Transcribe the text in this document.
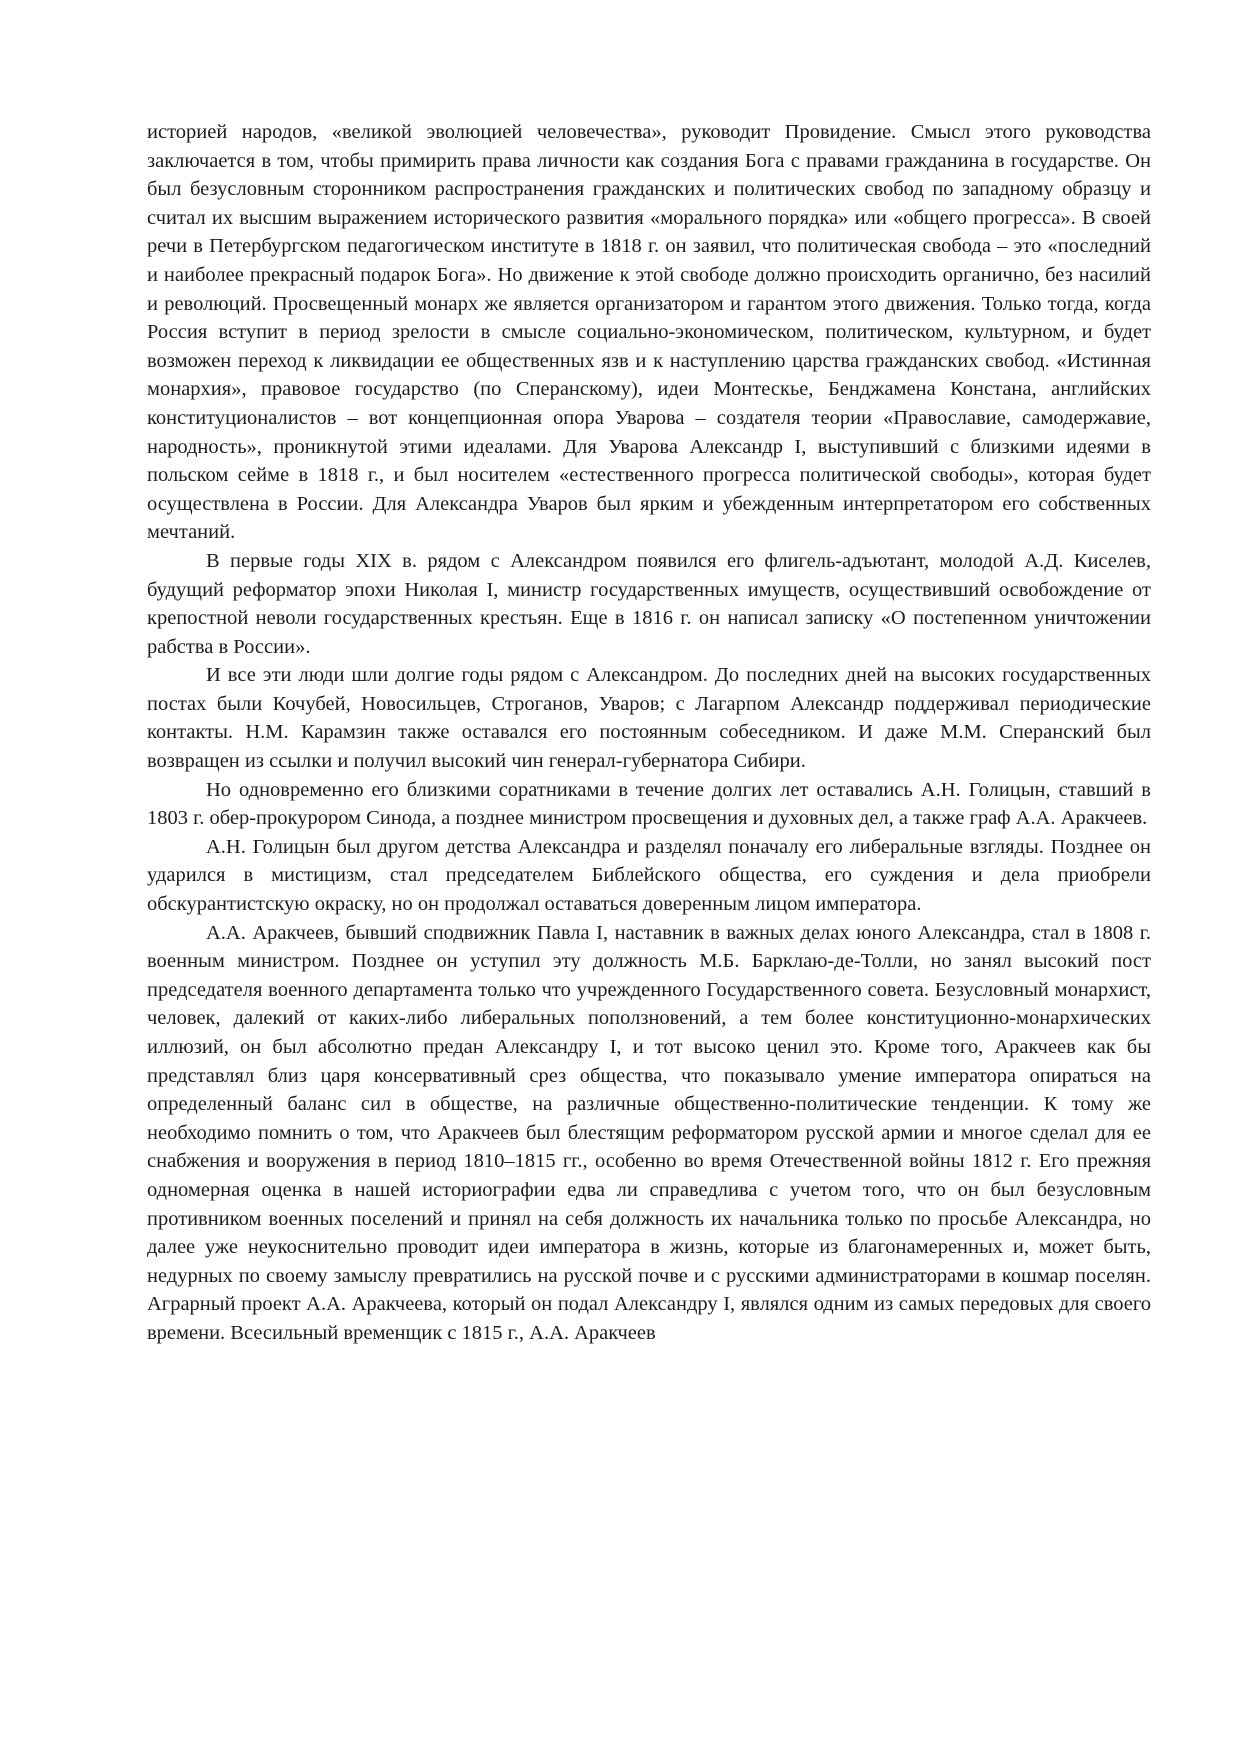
историей народов, «великой эволюцией человечества», руководит Провидение. Смысл этого руководства заключается в том, чтобы примирить права личности как создания Бога с правами гражданина в государстве. Он был безусловным сторонником распространения гражданских и политических свобод по западному образцу и считал их высшим выражением исторического развития «морального порядка» или «общего прогресса». В своей речи в Петербургском педагогическом институте в 1818 г. он заявил, что политическая свобода – это «последний и наиболее прекрасный подарок Бога». Но движение к этой свободе должно происходить органично, без насилий и революций. Просвещенный монарх же является организатором и гарантом этого движения. Только тогда, когда Россия вступит в период зрелости в смысле социально-экономическом, политическом, культурном, и будет возможен переход к ликвидации ее общественных язв и к наступлению царства гражданских свобод. «Истинная монархия», правовое государство (по Сперанскому), идеи Монтескье, Бенджамена Констана, английских конституционалистов – вот концепционная опора Уварова – создателя теории «Православие, самодержавие, народность», проникнутой этими идеалами. Для Уварова Александр I, выступивший с близкими идеями в польском сейме в 1818 г., и был носителем «естественного прогресса политической свободы», которая будет осуществлена в России. Для Александра Уваров был ярким и убежденным интерпретатором его собственных мечтаний.

В первые годы XIX в. рядом с Александром появился его флигель-адъютант, молодой А.Д. Киселев, будущий реформатор эпохи Николая I, министр государственных имуществ, осуществивший освобождение от крепостной неволи государственных крестьян. Еще в 1816 г. он написал записку «О постепенном уничтожении рабства в России».

И все эти люди шли долгие годы рядом с Александром. До последних дней на высоких государственных постах были Кочубей, Новосильцев, Строганов, Уваров; с Лагарпом Александр поддерживал периодические контакты. Н.М. Карамзин также оставался его постоянным собеседником. И даже М.М. Сперанский был возвращен из ссылки и получил высокий чин генерал-губернатора Сибири.

Но одновременно его близкими соратниками в течение долгих лет оставались А.Н. Голицын, ставший в 1803 г. обер-прокурором Синода, а позднее министром просвещения и духовных дел, а также граф А.А. Аракчеев.

А.Н. Голицын был другом детства Александра и разделял поначалу его либеральные взгляды. Позднее он ударился в мистицизм, стал председателем Библейского общества, его суждения и дела приобрели обскурантистскую окраску, но он продолжал оставаться доверенным лицом императора.

А.А. Аракчеев, бывший сподвижник Павла I, наставник в важных делах юного Александра, стал в 1808 г. военным министром. Позднее он уступил эту должность М.Б. Барклаю-де-Толли, но занял высокий пост председателя военного департамента только что учрежденного Государственного совета. Безусловный монархист, человек, далекий от каких-либо либеральных поползновений, а тем более конституционно-монархических иллюзий, он был абсолютно предан Александру I, и тот высоко ценил это. Кроме того, Аракчеев как бы представлял близ царя консервативный срез общества, что показывало умение императора опираться на определенный баланс сил в обществе, на различные общественно-политические тенденции. К тому же необходимо помнить о том, что Аракчеев был блестящим реформатором русской армии и многое сделал для ее снабжения и вооружения в период 1810–1815 гг., особенно во время Отечественной войны 1812 г. Его прежняя одномерная оценка в нашей историографии едва ли справедлива с учетом того, что он был безусловным противником военных поселений и принял на себя должность их начальника только по просьбе Александра, но далее уже неукоснительно проводит идеи императора в жизнь, которые из благонамеренных и, может быть, недурных по своему замыслу превратились на русской почве и с русскими администраторами в кошмар поселян. Аграрный проект А.А. Аракчеева, который он подал Александру I, являлся одним из самых передовых для своего времени. Всесильный временщик с 1815 г., А.А. Аракчеев
